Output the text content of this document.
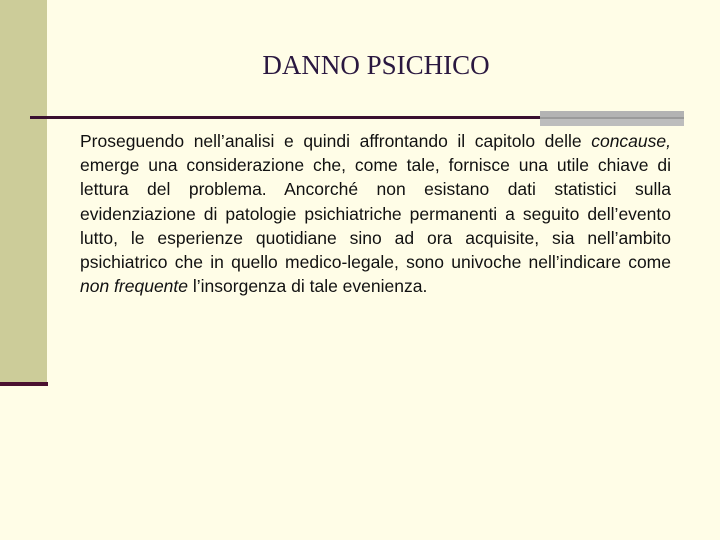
DANNO PSICHICO

Proseguendo nell’analisi e quindi affrontando il capitolo delle concause, emerge una considerazione che, come tale, fornisce una utile chiave di lettura del problema. Ancorché non esistano dati statistici sulla evidenziazione di patologie psichiatriche permanenti a seguito dell’evento lutto, le esperienze quotidiane sino ad ora acquisite, sia nell’ambito psichiatrico che in quello medico-legale, sono univoche nell’indicare come non frequente l’insorgenza di tale evenienza.
